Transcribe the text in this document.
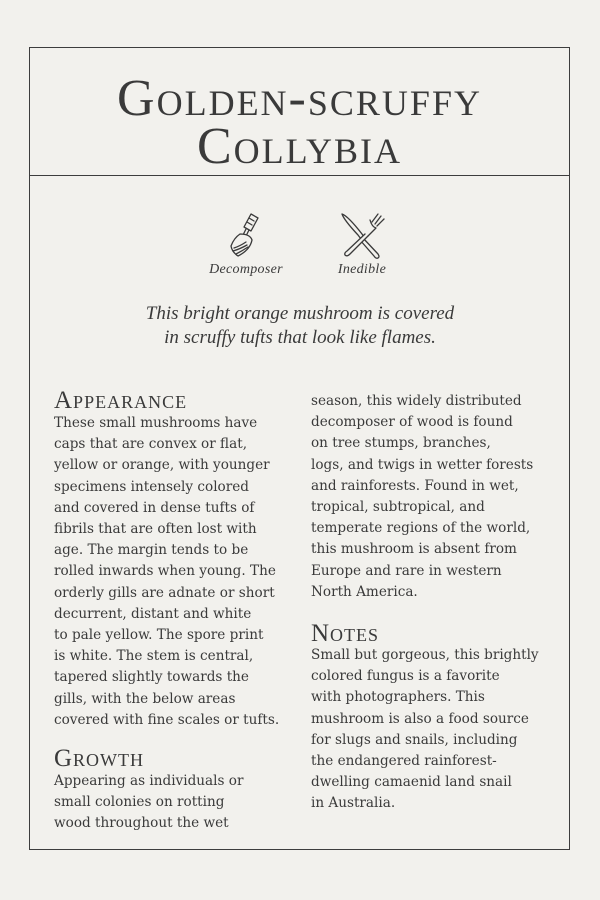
Golden-scruffy
Collybia
Decomposer	Inedible

This bright orange mushroom is covered

in scruffy tufts that look like flames.

Appearance

These small mushrooms have
caps that are convex or flat,
yellow or orange, with younger
specimens intensely colored
and covered in dense tufts of
fibrils that are often lost with
age. The margin tends to be
rolled inwards when young. The
orderly gills are adnate or short
decurrent, distant and white
to pale yellow. The spore print
is white. The stem is central,
tapered slightly towards the
gills, with the below areas
covered with fine scales or tufts.

Growth

Appearing as individuals or
small colonies on rotting
wood throughout the wet

season, this widely distributed
decomposer of wood is found
on tree stumps, branches,
logs, and twigs in wetter forests
and rainforests. Found in wet,
tropical, subtropical, and
temperate regions of the world,
this mushroom is absent from
Europe and rare in western
North America.

Notes

Small but gorgeous, this brightly
colored fungus is a favorite
with photographers. This
mushroom is also a food source
for slugs and snails, including
the endangered rainforest-
dwelling camaenid land snail
in Australia.
